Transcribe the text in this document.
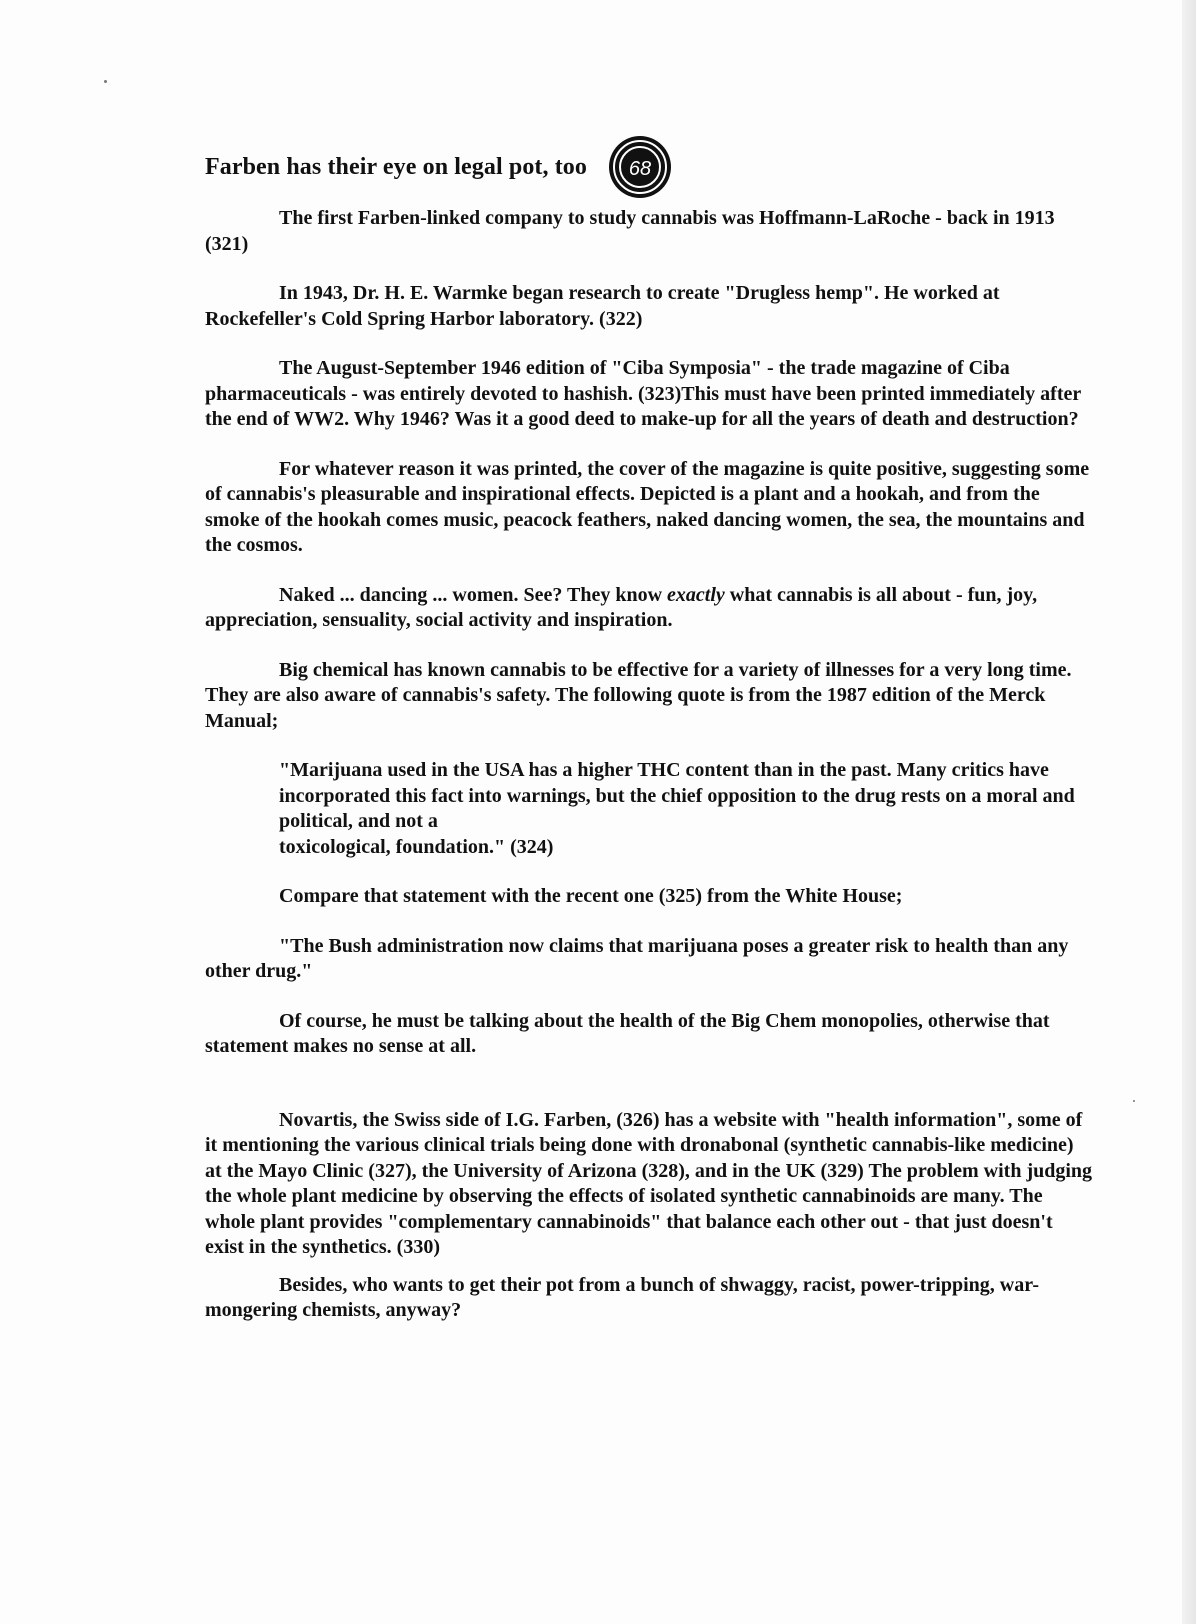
Farben has their eye on legal pot, too 68

The first Farben-linked company to study cannabis was Hoffmann-LaRoche - back in 1913 (321)

In 1943, Dr. H. E. Warmke began research to create "Drugless hemp". He worked at Rockefeller's Cold Spring Harbor laboratory. (322)

The August-September 1946 edition of "Ciba Symposia" - the trade magazine of Ciba pharmaceuticals - was entirely devoted to hashish. (323)This must have been printed immediately after the end of WW2. Why 1946? Was it a good deed to make-up for all the years of death and destruction?

For whatever reason it was printed, the cover of the magazine is quite positive, suggesting some of cannabis's pleasurable and inspirational effects. Depicted is a plant and a hookah, and from the smoke of the hookah comes music, peacock feathers, naked dancing women, the sea, the mountains and the cosmos.

Naked ... dancing ... women. See? They know exactly what cannabis is all about - fun, joy, appreciation, sensuality, social activity and inspiration.

Big chemical has known cannabis to be effective for a variety of illnesses for a very long time. They are also aware of cannabis's safety. The following quote is from the 1987 edition of the Merck Manual;

"Marijuana used in the USA has a higher THC content than in the past. Many critics have incorporated this fact into warnings, but the chief opposition to the drug rests on a moral and political, and not a
toxicological, foundation." (324)

Compare that statement with the recent one (325) from the White House;

"The Bush administration now claims that marijuana poses a greater risk to health than any other drug."

Of course, he must be talking about the health of the Big Chem monopolies, otherwise that statement makes no sense at all.

Novartis, the Swiss side of I.G. Farben, (326) has a website with "health information", some of it mentioning the various clinical trials being done with dronabonal (synthetic cannabis-like medicine) at the Mayo Clinic (327), the University of Arizona (328), and in the UK (329) The problem with judging the whole plant medicine by observing the effects of isolated synthetic cannabinoids are many. The whole plant provides "complementary cannabinoids" that balance each other out - that just doesn't exist in the synthetics. (330)

Besides, who wants to get their pot from a bunch of shwaggy, racist, power-tripping, war-mongering chemists, anyway?
